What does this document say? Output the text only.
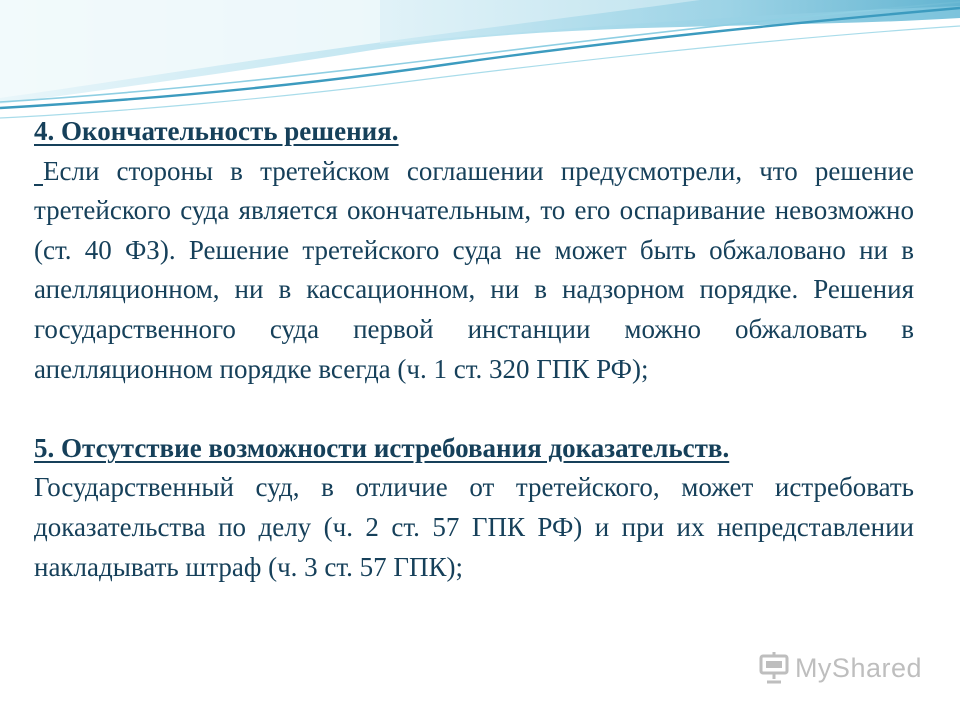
4. Окончательность решения.

Если стороны в третейском соглашении предусмотрели, что решение третейского суда является окончательным, то его оспаривание невозможно (ст. 40 ФЗ). Решение третейского суда не может быть обжаловано ни в апелляционном, ни в кассационном, ни в надзорном порядке. Решения государственного суда первой инстанции можно обжаловать в апелляционном порядке всегда (ч. 1 ст. 320 ГПК РФ);

5. Отсутствие возможности истребования доказательств.

Государственный суд, в отличие от третейского, может истребовать доказательства по делу (ч. 2 ст. 57 ГПК РФ) и при их непредставлении накладывать штраф (ч. 3 ст. 57 ГПК);

MyShared
